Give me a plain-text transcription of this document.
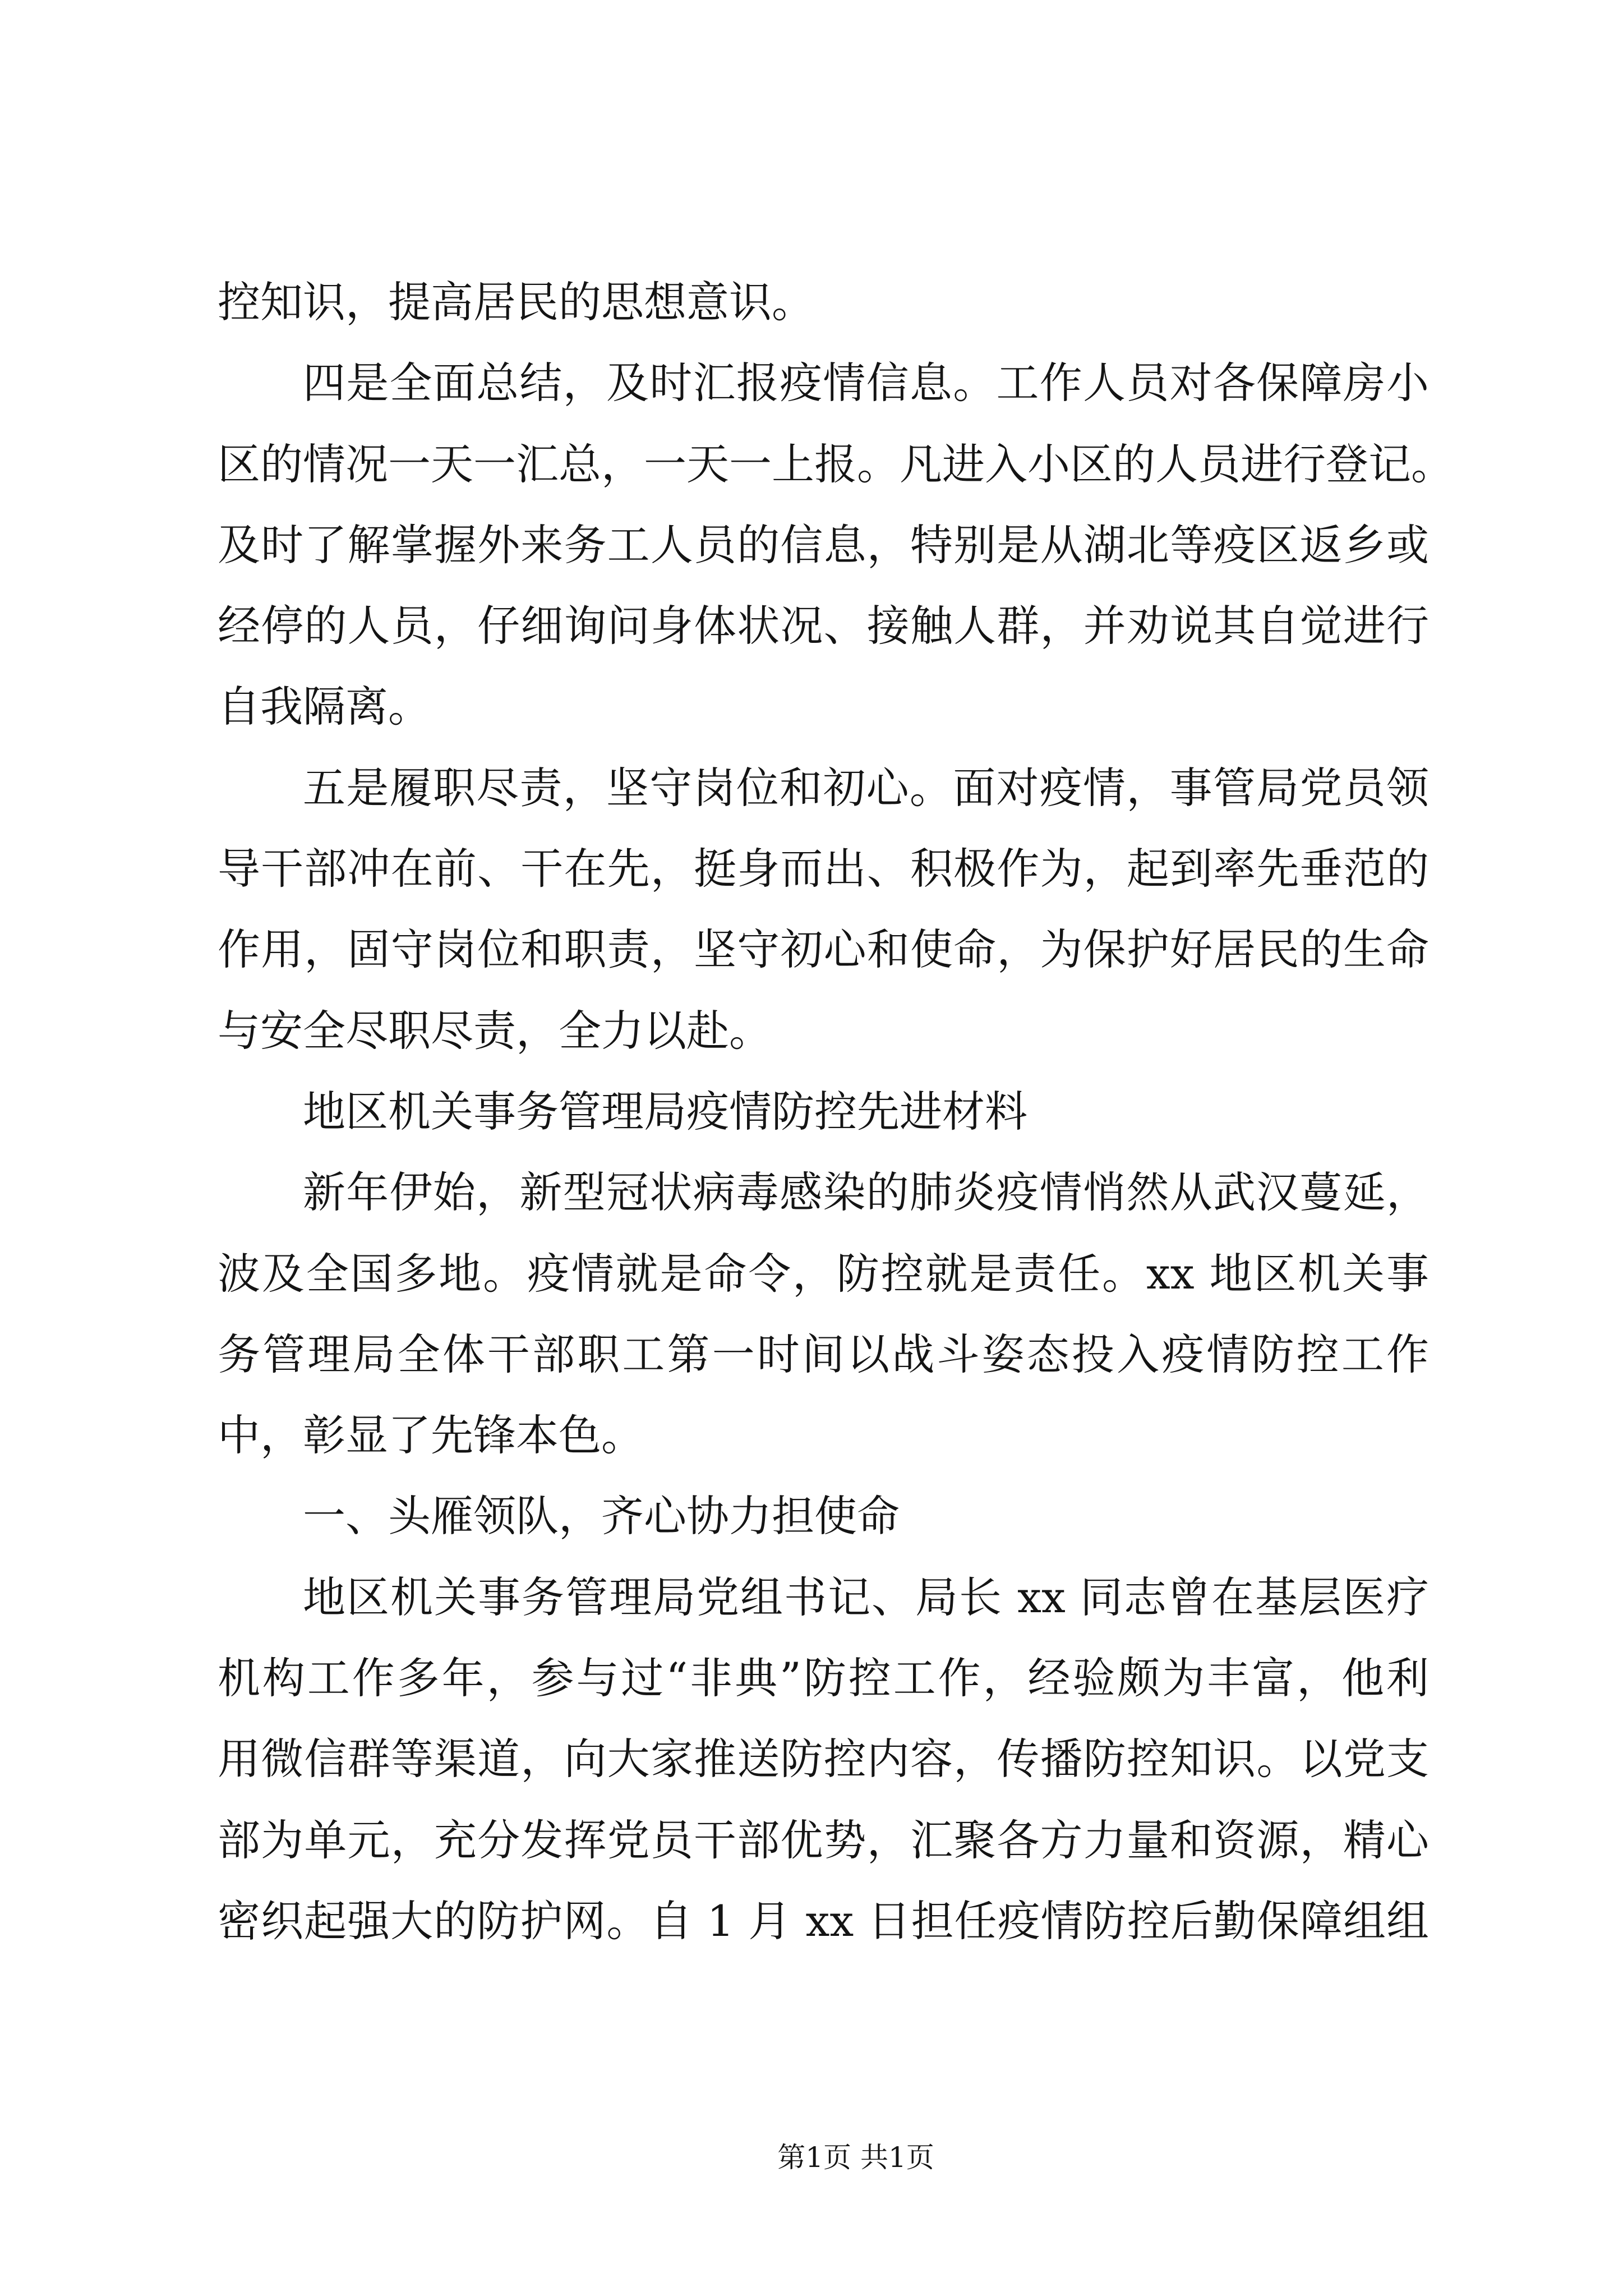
控知识，提高居民的思想意识。
四是全面总结，及时汇报疫情信息。工作人员对各保障房小
区的情况一天一汇总，一天一上报。凡进入小区的人员进行登记。
及时了解掌握外来务工人员的信息，特别是从湖北等疫区返乡或
经停的人员，仔细询问身体状况、接触人群，并劝说其自觉进行
自我隔离。
五是履职尽责，坚守岗位和初心。面对疫情，事管局党员领
导干部冲在前、干在先，挺身而出、积极作为，起到率先垂范的
作用，固守岗位和职责，坚守初心和使命，为保护好居民的生命
与安全尽职尽责，全力以赴。
地区机关事务管理局疫情防控先进材料
新年伊始，新型冠状病毒感染的肺炎疫情悄然从武汉蔓延，
波及全国多地。疫情就是命令，防控就是责任。xx 地区机关事
务管理局全体干部职工第一时间以战斗姿态投入疫情防控工作
中，彰显了先锋本色。
一、头雁领队，齐心协力担使命
地区机关事务管理局党组书记、局长 xx 同志曾在基层医疗
机构工作多年，参与过“非典”防控工作，经验颇为丰富，他利
用微信群等渠道，向大家推送防控内容，传播防控知识。以党支
部为单元，充分发挥党员干部优势，汇聚各方力量和资源，精心
密织起强大的防护网。自 1 月 xx 日担任疫情防控后勤保障组组
第1页 共1页
